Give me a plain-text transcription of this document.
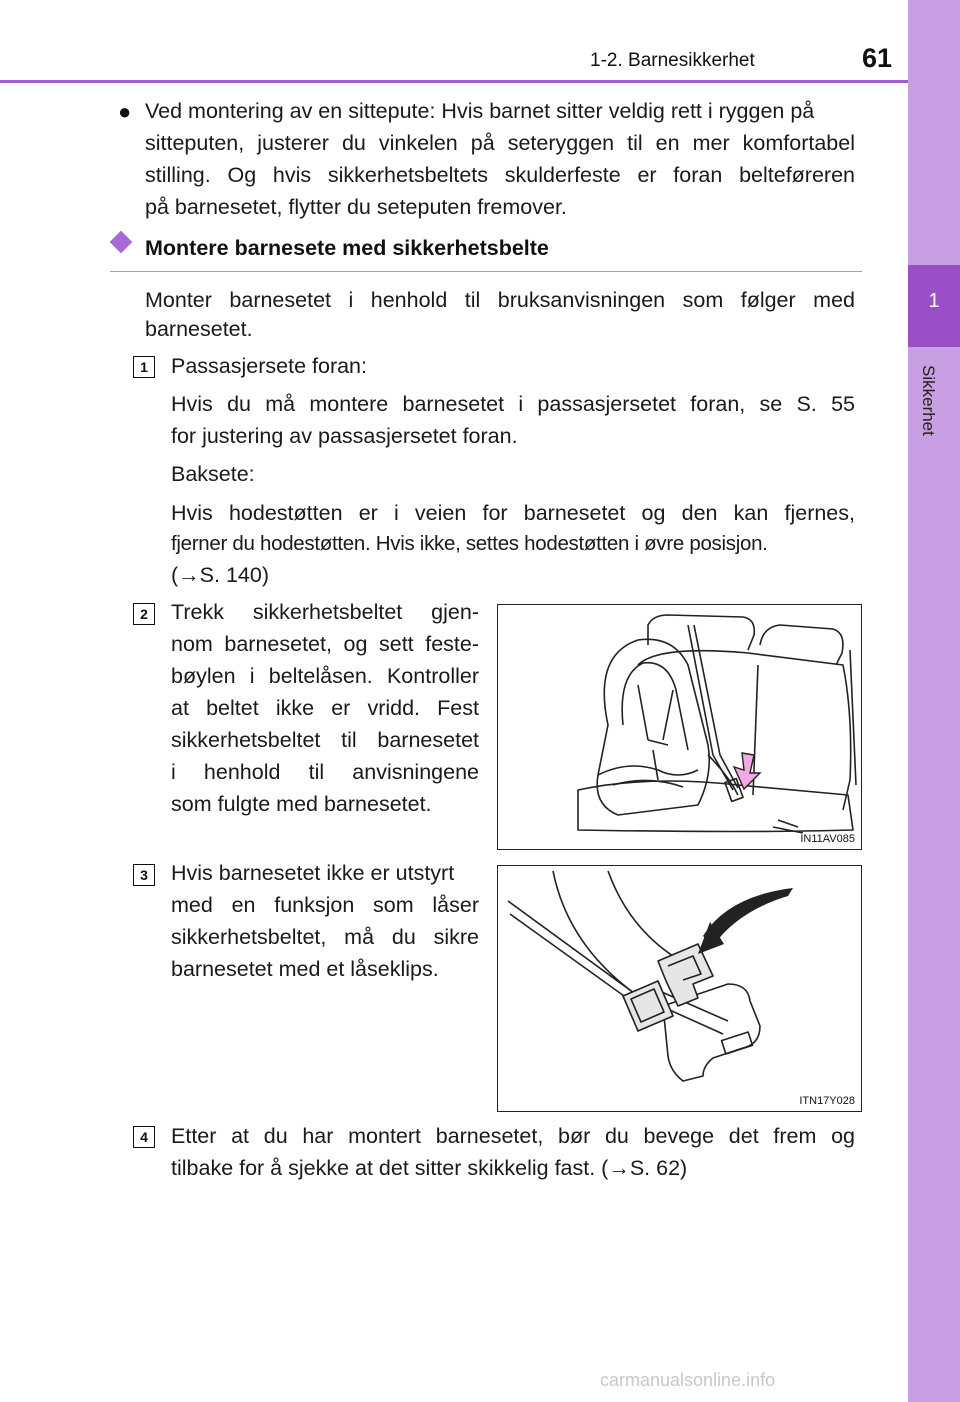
1-2. Barnesikkerhet	61
1
Sikkerhet
● Ved montering av en sittepute: Hvis barnet sitter veldig rett i ryggen på
sitteputen, justerer du vinkelen på seteryggen til en mer komfortabel
stilling. Og hvis sikkerhetsbeltets skulderfeste er foran belteføreren
på barnesetet, flytter du seteputen fremover.
Montere barnesete med sikkerhetsbelte
Monter barnesetet i henhold til bruksanvisningen som følger med
barnesetet.
1	Passasjersete foran:
Hvis du må montere barnesetet i passasjersetet foran, se S. 55
for justering av passasjersetet foran.
Baksete:
Hvis hodestøtten er i veien for barnesetet og den kan fjernes,
fjerner du hodestøtten. Hvis ikke, settes hodestøtten i øvre posisjon.
(→S. 140)
2	Trekk sikkerhetsbeltet gjen-
nom barnesetet, og sett feste-
bøylen i beltelåsen. Kontroller
at beltet ikke er vridd. Fest
sikkerhetsbeltet til barnesetet
i henhold til anvisningene
som fulgte med barnesetet.
IN11AV085
3	Hvis barnesetet ikke er utstyrt
med en funksjon som låser
sikkerhetsbeltet, må du sikre
barnesetet med et låseklips.
ITN17Y028
4	Etter at du har montert barnesetet, bør du bevege det frem og
tilbake for å sjekke at det sitter skikkelig fast. (→S. 62)
carmanualsonline.info
